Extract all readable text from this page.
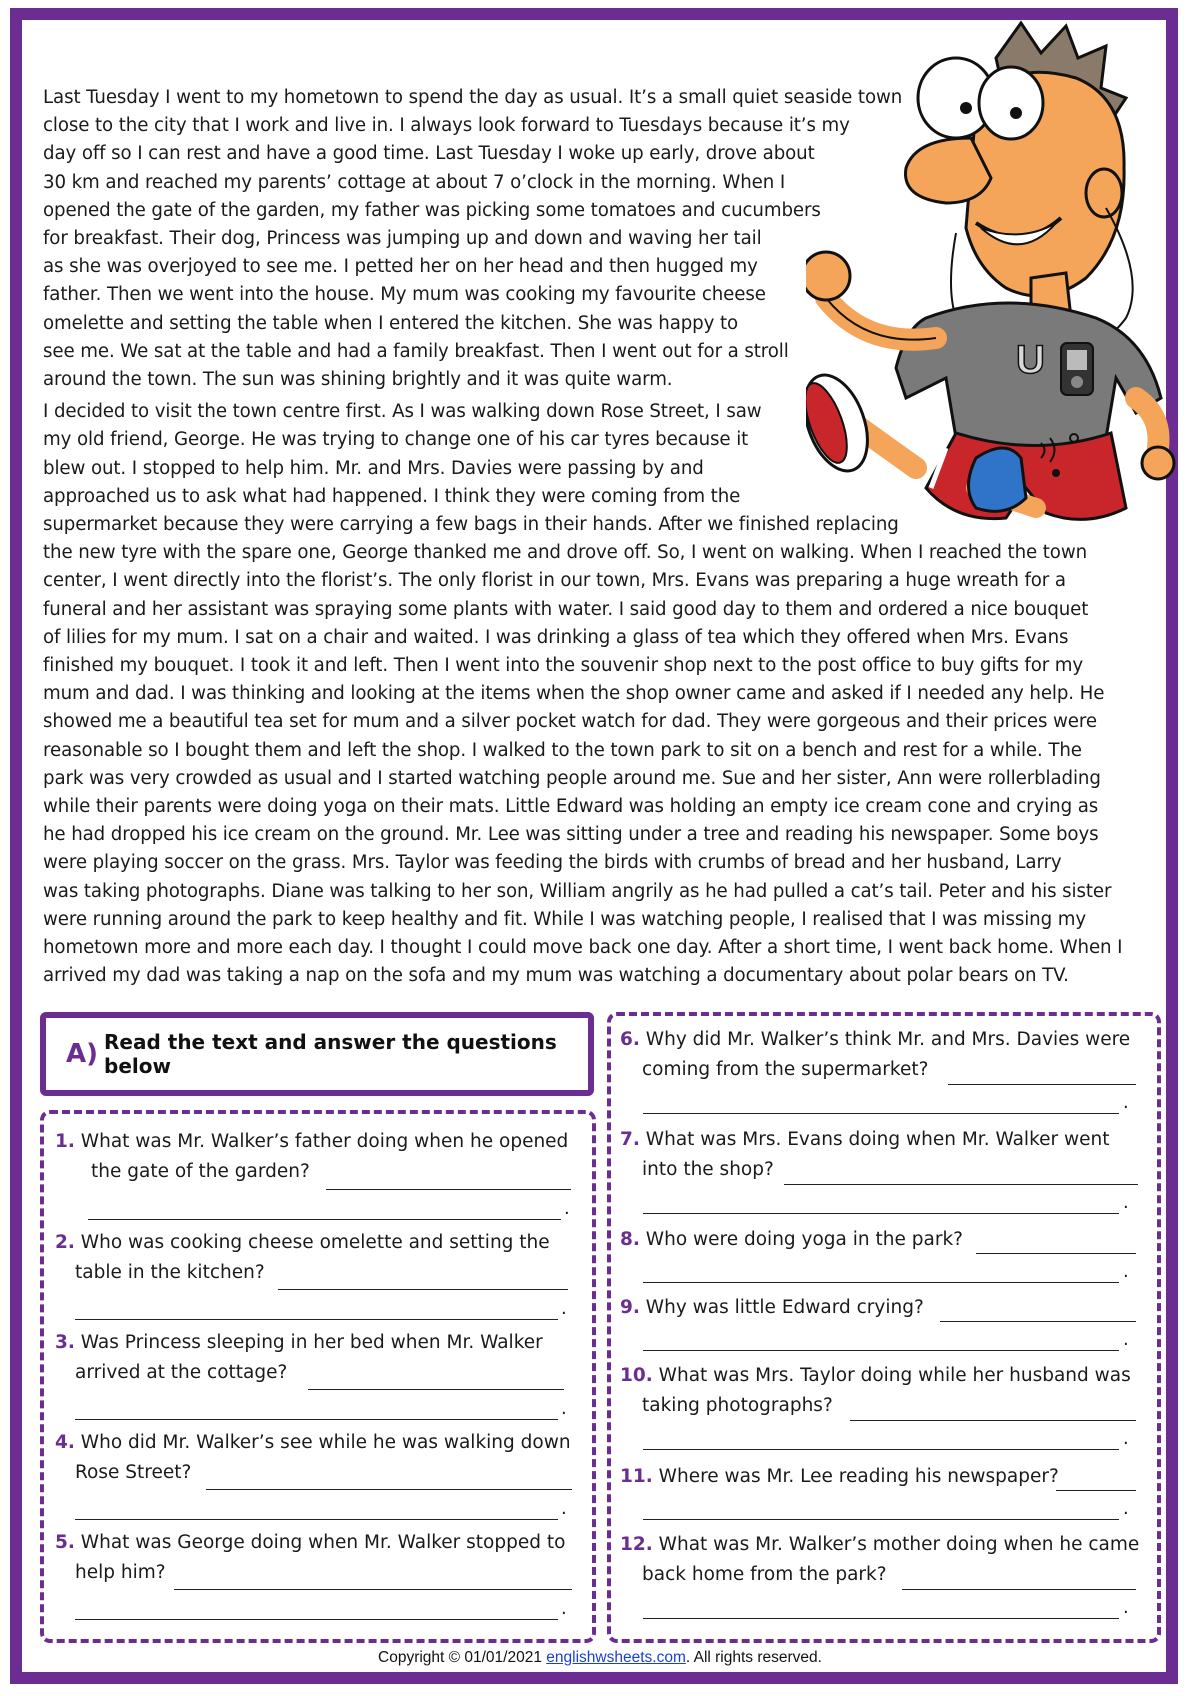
U

Last Tuesday I went to my hometown to spend the day as usual. It’s a small quiet seaside town
close to the city that I work and live in. I always look forward to Tuesdays because it’s my
day off so I can rest and have a good time. Last Tuesday I woke up early, drove about
30 km and reached my parents’ cottage at about 7 o’clock in the morning. When I
opened the gate of the garden, my father was picking some tomatoes and cucumbers
for breakfast. Their dog, Princess was jumping up and down and waving her tail
as she was overjoyed to see me. I petted her on her head and then hugged my
father. Then we went into the house. My mum was cooking my favourite cheese
omelette and setting the table when I entered the kitchen. She was happy to
see me. We sat at the table and had a family breakfast. Then I went out for a stroll
around the town. The sun was shining brightly and it was quite warm.

I decided to visit the town centre first. As I was walking down Rose Street, I saw
my old friend, George. He was trying to change one of his car tyres because it
blew out. I stopped to help him. Mr. and Mrs. Davies were passing by and
approached us to ask what had happened. I think they were coming from the
supermarket because they were carrying a few bags in their hands. After we finished replacing
the new tyre with the spare one, George thanked me and drove off. So, I went on walking. When I reached the town
center, I went directly into the florist’s. The only florist in our town, Mrs. Evans was preparing a huge wreath for a
funeral and her assistant was spraying some plants with water. I said good day to them and ordered a nice bouquet
of lilies for my mum. I sat on a chair and waited. I was drinking a glass of tea which they offered when Mrs. Evans
finished my bouquet. I took it and left. Then I went into the souvenir shop next to the post office to buy gifts for my
mum and dad. I was thinking and looking at the items when the shop owner came and asked if I needed any help. He
showed me a beautiful tea set for mum and a silver pocket watch for dad. They were gorgeous and their prices were
reasonable so I bought them and left the shop. I walked to the town park to sit on a bench and rest for a while. The
park was very crowded as usual and I started watching people around me. Sue and her sister, Ann were rollerblading
while their parents were doing yoga on their mats. Little Edward was holding an empty ice cream cone and crying as
he had dropped his ice cream on the ground. Mr. Lee was sitting under a tree and reading his newspaper. Some boys
were playing soccer on the grass. Mrs. Taylor was feeding the birds with crumbs of bread and her husband, Larry
was taking photographs. Diane was talking to her son, William angrily as he had pulled a cat’s tail. Peter and his sister
were running around the park to keep healthy and fit. While I was watching people, I realised that I was missing my
hometown more and more each day. I thought I could move back one day. After a short time, I went back home. When I
arrived my dad was taking a nap on the sofa and my mum was watching a documentary about polar bears on TV.

A) Read the text and answer the questions below
1. What was Mr. Walker’s father doing when he opened
the gate of the garden?
.
2. Who was cooking cheese omelette and setting the
table in the kitchen?
.
3. Was Princess sleeping in her bed when Mr. Walker
arrived at the cottage?
.
4. Who did Mr. Walker’s see while he was walking down
Rose Street?
.
5. What was George doing when Mr. Walker stopped to
help him?
.
6. Why did Mr. Walker’s think Mr. and Mrs. Davies were
coming from the supermarket?
.
7. What was Mrs. Evans doing when Mr. Walker went
into the shop?
.
8. Who were doing yoga in the park?
.
9. Why was little Edward crying?
.
10. What was Mrs. Taylor doing while her husband was
taking photographs?
.
11. Where was Mr. Lee reading his newspaper?
.
12. What was Mr. Walker’s mother doing when he came
back home from the park?
.
Copyright © 01/01/2021 englishwsheets.com. All rights reserved.
